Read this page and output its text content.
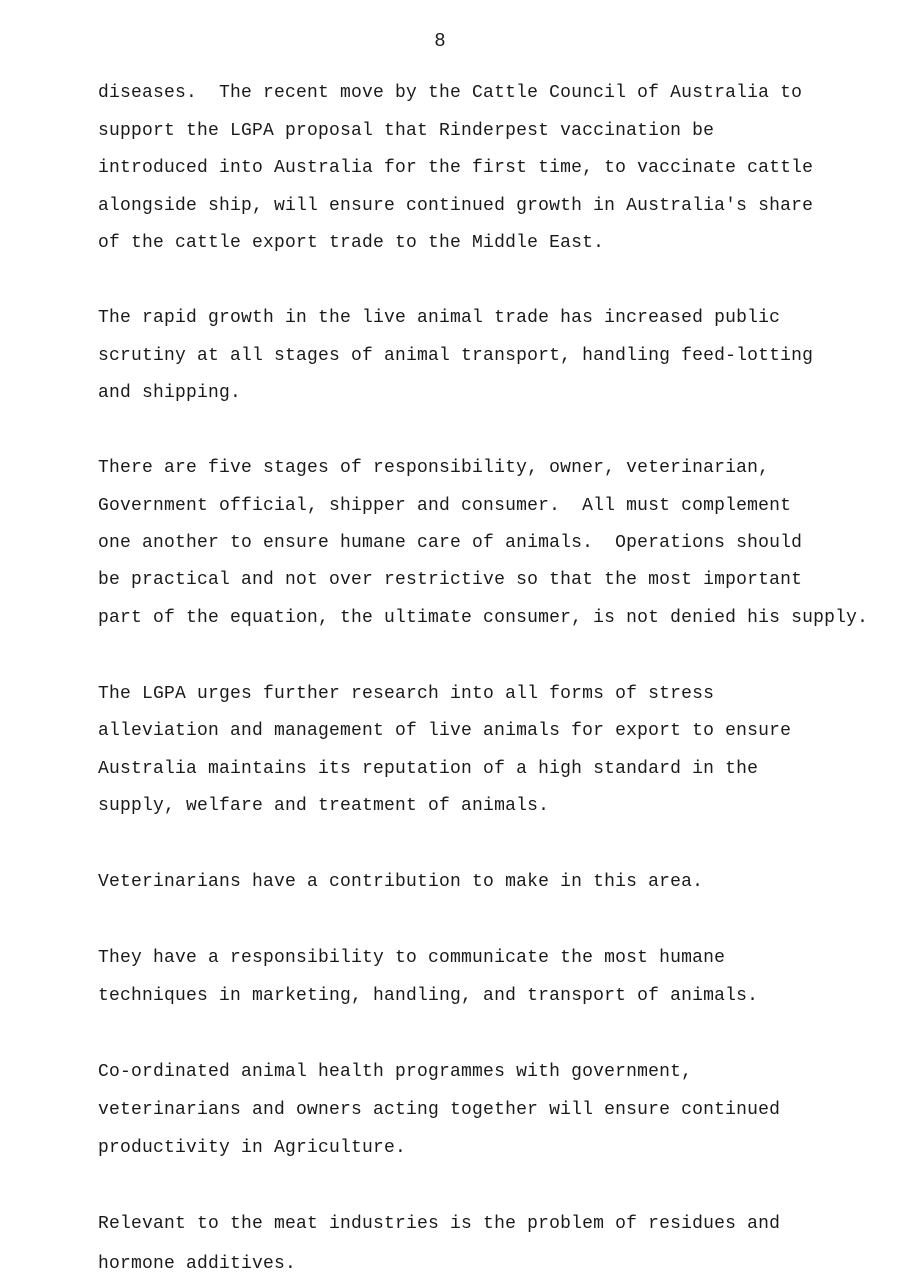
8
diseases.  The recent move by the Cattle Council of Australia to
support the LGPA proposal that Rinderpest vaccination be
introduced into Australia for the first time, to vaccinate cattle
alongside ship, will ensure continued growth in Australia's share
of the cattle export trade to the Middle East.
The rapid growth in the live animal trade has increased public
scrutiny at all stages of animal transport, handling feed-lotting
and shipping.
There are five stages of responsibility, owner, veterinarian,
Government official, shipper and consumer.  All must complement
one another to ensure humane care of animals.  Operations should
be practical and not over restrictive so that the most important
part of the equation, the ultimate consumer, is not denied his supply.
The LGPA urges further research into all forms of stress
alleviation and management of live animals for export to ensure
Australia maintains its reputation of a high standard in the
supply, welfare and treatment of animals.
Veterinarians have a contribution to make in this area.
They have a responsibility to communicate the most humane
techniques in marketing, handling, and transport of animals.
Co-ordinated animal health programmes with government,
veterinarians and owners acting together will ensure continued
productivity in Agriculture.
Relevant to the meat industries is the problem of residues and
hormone additives.
